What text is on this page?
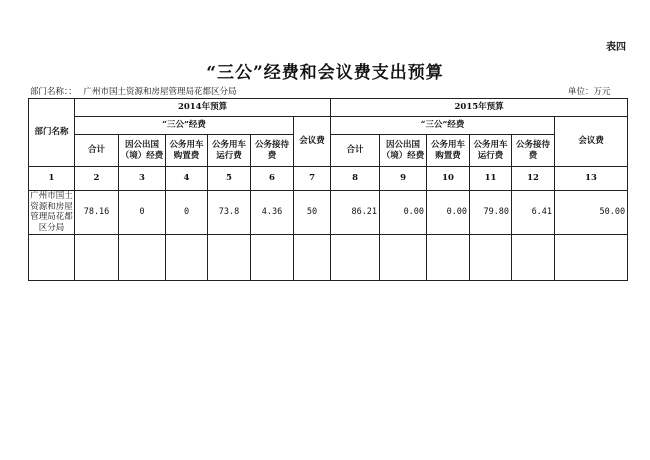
表四
“三公”经费和会议费支出预算
部门名称：： 广州市国土资源和房屋管理局花都区分局	单位：万元
部门名称	2014年预算						2015年预算					
	“三公”经费					会议费	“三公”经费					会议费
	合计	因公出国（境）经费	公务用车购置费	公务用车运行费	公务接待费		合计	因公出国（境）经费	公务用车购置费	公务用车运行费	公务接待费	
1	2	3	4	5	6	7	8	9	10	11	12	13
广州市国土资源和房屋管理局花都区分局	78.16	0	0	73.8	4.36	50	86.21	0.00	0.00	79.80	6.41	50.00
